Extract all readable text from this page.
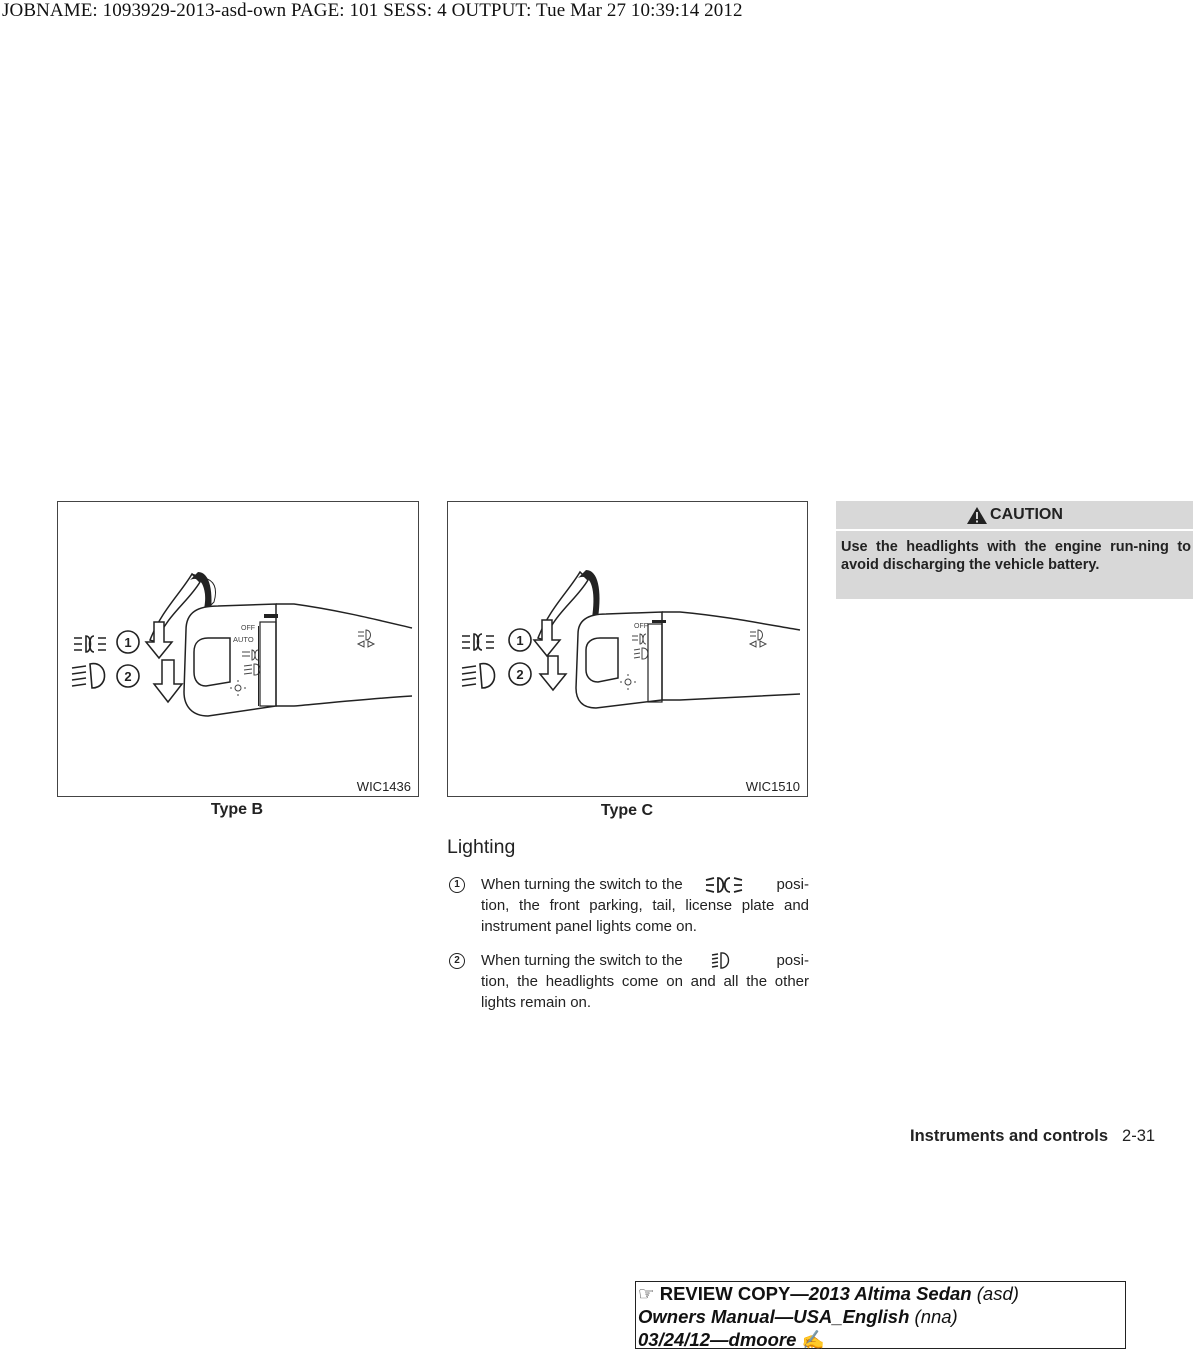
JOBNAME: 1093929-2013-asd-own PAGE: 101 SESS: 4 OUTPUT: Tue Mar 27 10:39:14 2012
1
2
OFF
AUTO
WIC1436
Type B
1
2
OFF
WIC1510
Type C
CAUTION
Use the headlights with the engine run-ning to avoid discharging the vehicle battery.
Lighting
1	When turning the switch to the	posi-
tion, the front parking, tail, license plate and instrument panel lights come on.
2	When turning the switch to the	posi-
tion, the headlights come on and all the other lights remain on.
Instruments and controls 2-31
☞ REVIEW COPY—2013 Altima Sedan (asd)
Owners Manual—USA_English (nna)
03/24/12—dmoore ✍
